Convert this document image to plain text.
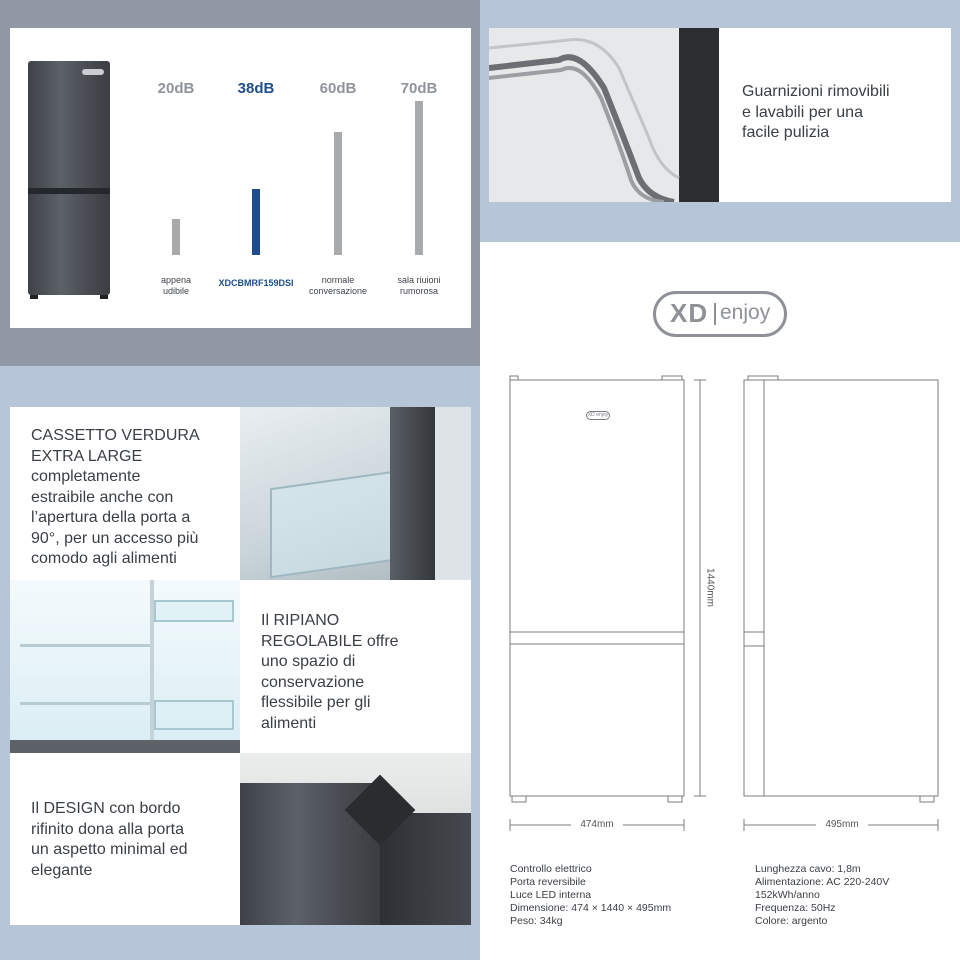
20dB
appena
udibile
38dB
XDCBMRF159DSI
60dB
normale
conversazione
70dB
sala riuioni
rumorosa
Guarnizioni rimovibili
e lavabili per una
facile pulizia
CASSETTO VERDURA
EXTRA LARGE
completamente
estraibile anche con
l’apertura della porta a
90°, per un accesso più
comodo agli alimenti
Il RIPIANO
REGOLABILE offre
uno spazio di
conservazione
flessibile per gli
alimenti
Il DESIGN con bordo
rifinito dona alla porta
un aspetto minimal ed
elegante
XD enjoy
XD enjoy
1440mm
474mm	495mm
Controllo elettrico
Porta reversibile
Luce LED interna
Dimensione: 474 × 1440 × 495mm
Peso: 34kg
Lunghezza cavo: 1,8m
Alimentazione: AC 220-240V
152kWh/anno
Frequenza: 50Hz
Colore: argento
